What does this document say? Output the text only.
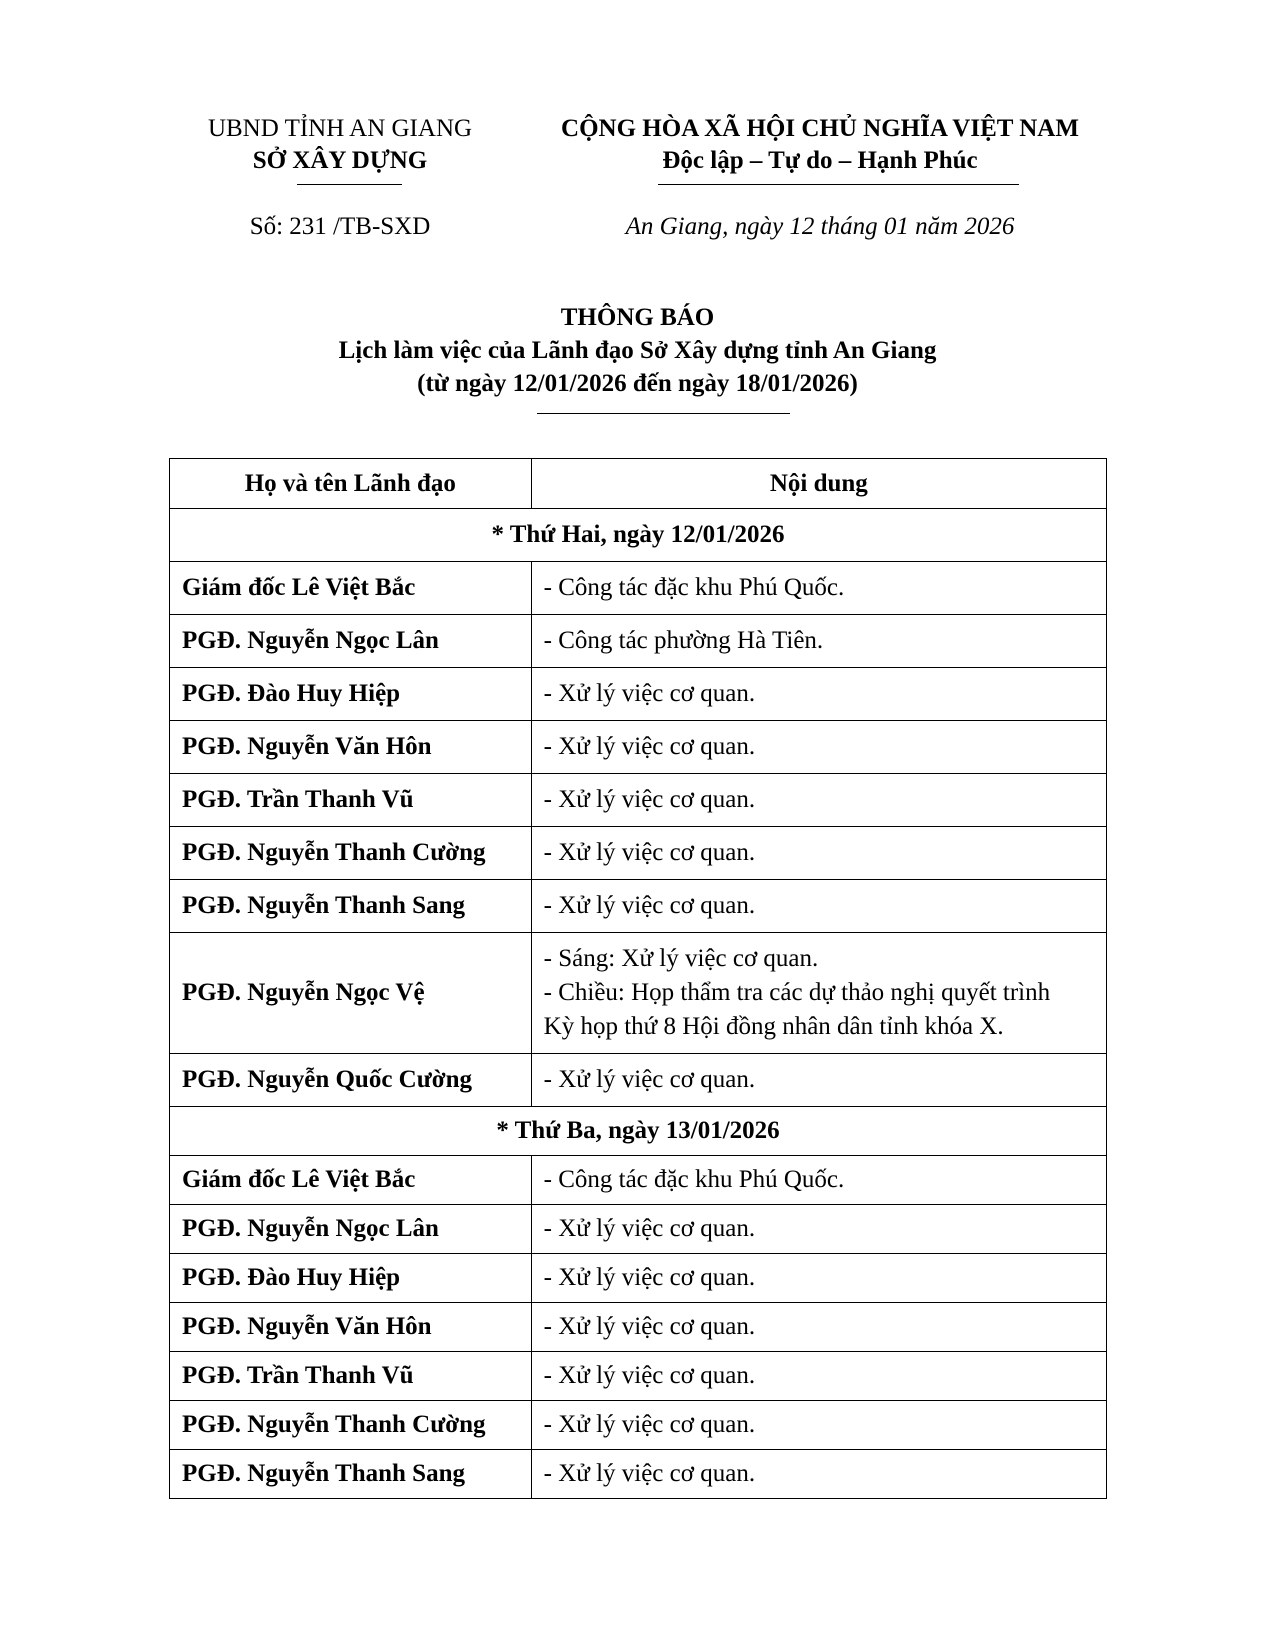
UBND TỈNH AN GIANG
SỞ XÂY DỰNG
Số: 231 /TB-SXD
CỘNG HÒA XÃ HỘI CHỦ NGHĨA VIỆT NAM
Độc lập – Tự do – Hạnh Phúc
An Giang, ngày 12 tháng 01 năm 2026
THÔNG BÁO
Lịch làm việc của Lãnh đạo Sở Xây dựng tỉnh An Giang
(từ ngày 12/01/2026 đến ngày 18/01/2026)
Họ và tên Lãnh đạo	Nội dung
* Thứ Hai, ngày 12/01/2026	
Giám đốc Lê Việt Bắc	- Công tác đặc khu Phú Quốc.

PGĐ. Nguyễn Ngọc Lân	- Công tác phường Hà Tiên.

PGĐ. Đào Huy Hiệp	- Xử lý việc cơ quan.

PGĐ. Nguyễn Văn Hôn	- Xử lý việc cơ quan.

PGĐ. Trần Thanh Vũ	- Xử lý việc cơ quan.

PGĐ. Nguyễn Thanh Cường	- Xử lý việc cơ quan.

PGĐ. Nguyễn Thanh Sang	- Xử lý việc cơ quan.

PGĐ. Nguyễn Ngọc Vệ	- Sáng: Xử lý việc cơ quan.
- Chiều: Họp thẩm tra các dự thảo nghị quyết trình
Kỳ họp thứ 8 Hội đồng nhân dân tỉnh khóa X.

PGĐ. Nguyễn Quốc Cường	- Xử lý việc cơ quan.

* Thứ Ba, ngày 13/01/2026	
Giám đốc Lê Việt Bắc	- Công tác đặc khu Phú Quốc.

PGĐ. Nguyễn Ngọc Lân	- Xử lý việc cơ quan.

PGĐ. Đào Huy Hiệp	- Xử lý việc cơ quan.

PGĐ. Nguyễn Văn Hôn	- Xử lý việc cơ quan.

PGĐ. Trần Thanh Vũ	- Xử lý việc cơ quan.

PGĐ. Nguyễn Thanh Cường	- Xử lý việc cơ quan.

PGĐ. Nguyễn Thanh Sang	- Xử lý việc cơ quan.
